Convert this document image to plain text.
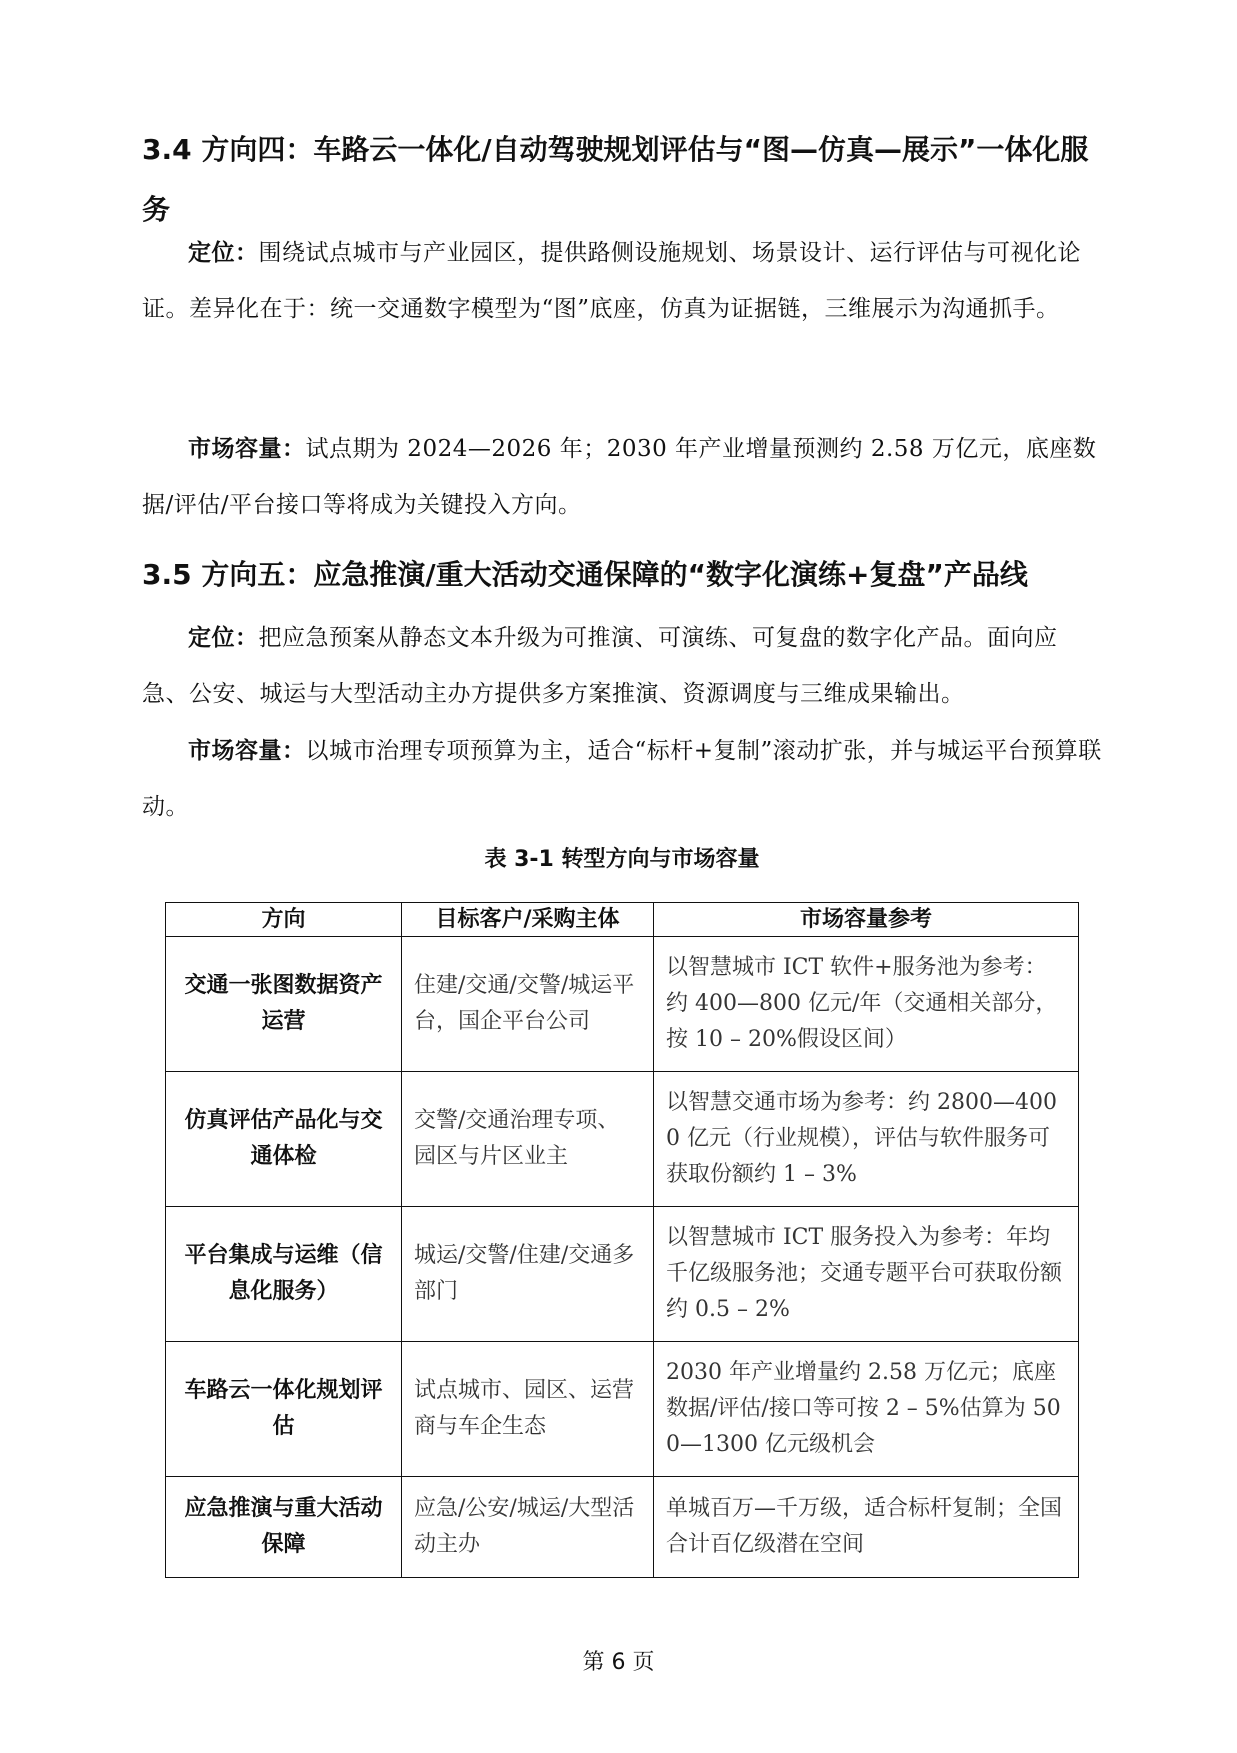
3.4 方向四：车路云一体化/自动驾驶规划评估与“图—仿真—展示”一体化服务

定位：围绕试点城市与产业园区，提供路侧设施规划、场景设计、运行评估与可视化论证。差异化在于：统一交通数字模型为“图”底座，仿真为证据链，三维展示为沟通抓手。

市场容量：试点期为 2024—2026 年；2030 年产业增量预测约 2.58 万亿元，底座数据/评估/平台接口等将成为关键投入方向。

3.5 方向五：应急推演/重大活动交通保障的“数字化演练+复盘”产品线

定位：把应急预案从静态文本升级为可推演、可演练、可复盘的数字化产品。面向应急、公安、城运与大型活动主办方提供多方案推演、资源调度与三维成果输出。

市场容量：以城市治理专项预算为主，适合“标杆+复制”滚动扩张，并与城运平台预算联动。

表 3-1 转型方向与市场容量
方向	目标客户/采购主体	市场容量参考
交通一张图数据资产运营	住建/交通/交警/城运平台，国企平台公司	以智慧城市 ICT 软件+服务池为参考：约 400—800 亿元/年（交通相关部分，按 10 – 20%假设区间）
仿真评估产品化与交通体检	交警/交通治理专项、园区与片区业主	以智慧交通市场为参考：约 2800—4000 亿元（行业规模），评估与软件服务可获取份额约 1 – 3%
平台集成与运维（信息化服务）	城运/交警/住建/交通多部门	以智慧城市 ICT 服务投入为参考：年均千亿级服务池；交通专题平台可获取份额约 0.5 – 2%
车路云一体化规划评估	试点城市、园区、运营商与车企生态	2030 年产业增量约 2.58 万亿元；底座数据/评估/接口等可按 2 – 5%估算为 500—1300 亿元级机会
应急推演与重大活动保障	应急/公安/城运/大型活动主办	单城百万—千万级，适合标杆复制；全国合计百亿级潜在空间
第 6 页
